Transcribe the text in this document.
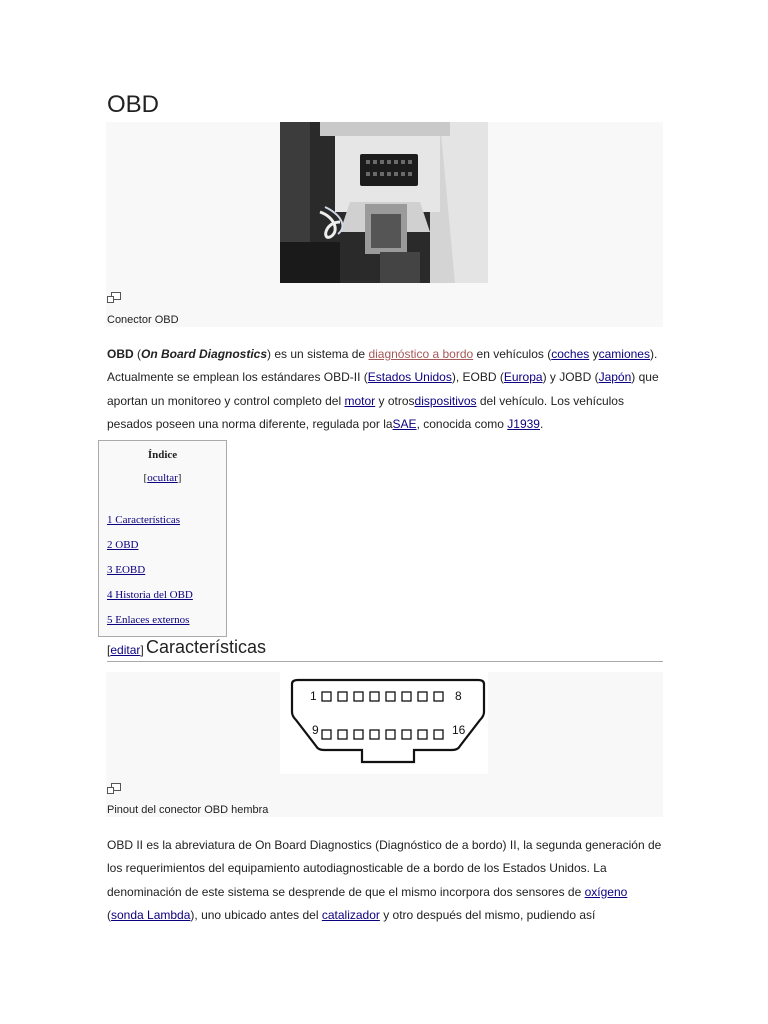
OBD
Conector OBD

OBD (On Board Diagnostics) es un sistema de diagnóstico a bordo en vehículos (coches ycamiones). Actualmente se emplean los estándares OBD-II (Estados Unidos), EOBD (Europa) y JOBD (Japón) que aportan un monitoreo y control completo del motor y otrosdispositivos del vehículo. Los vehículos pesados poseen una norma diferente, regulada por laSAE, conocida como J1939.

Índice
[ocultar]
1 Características
2 OBD
3 EOBD
4 Historia del OBD
5 Enlaces externos
[editar] Características
1	8
9	16
Pinout del conector OBD hembra

OBD II es la abreviatura de On Board Diagnostics (Diagnóstico de a bordo) II, la segunda generación de los requerimientos del equipamiento autodiagnosticable de a bordo de los Estados Unidos. La denominación de este sistema se desprende de que el mismo incorpora dos sensores de oxígeno (sonda Lambda), uno ubicado antes del catalizador y otro después del mismo, pudiendo así
